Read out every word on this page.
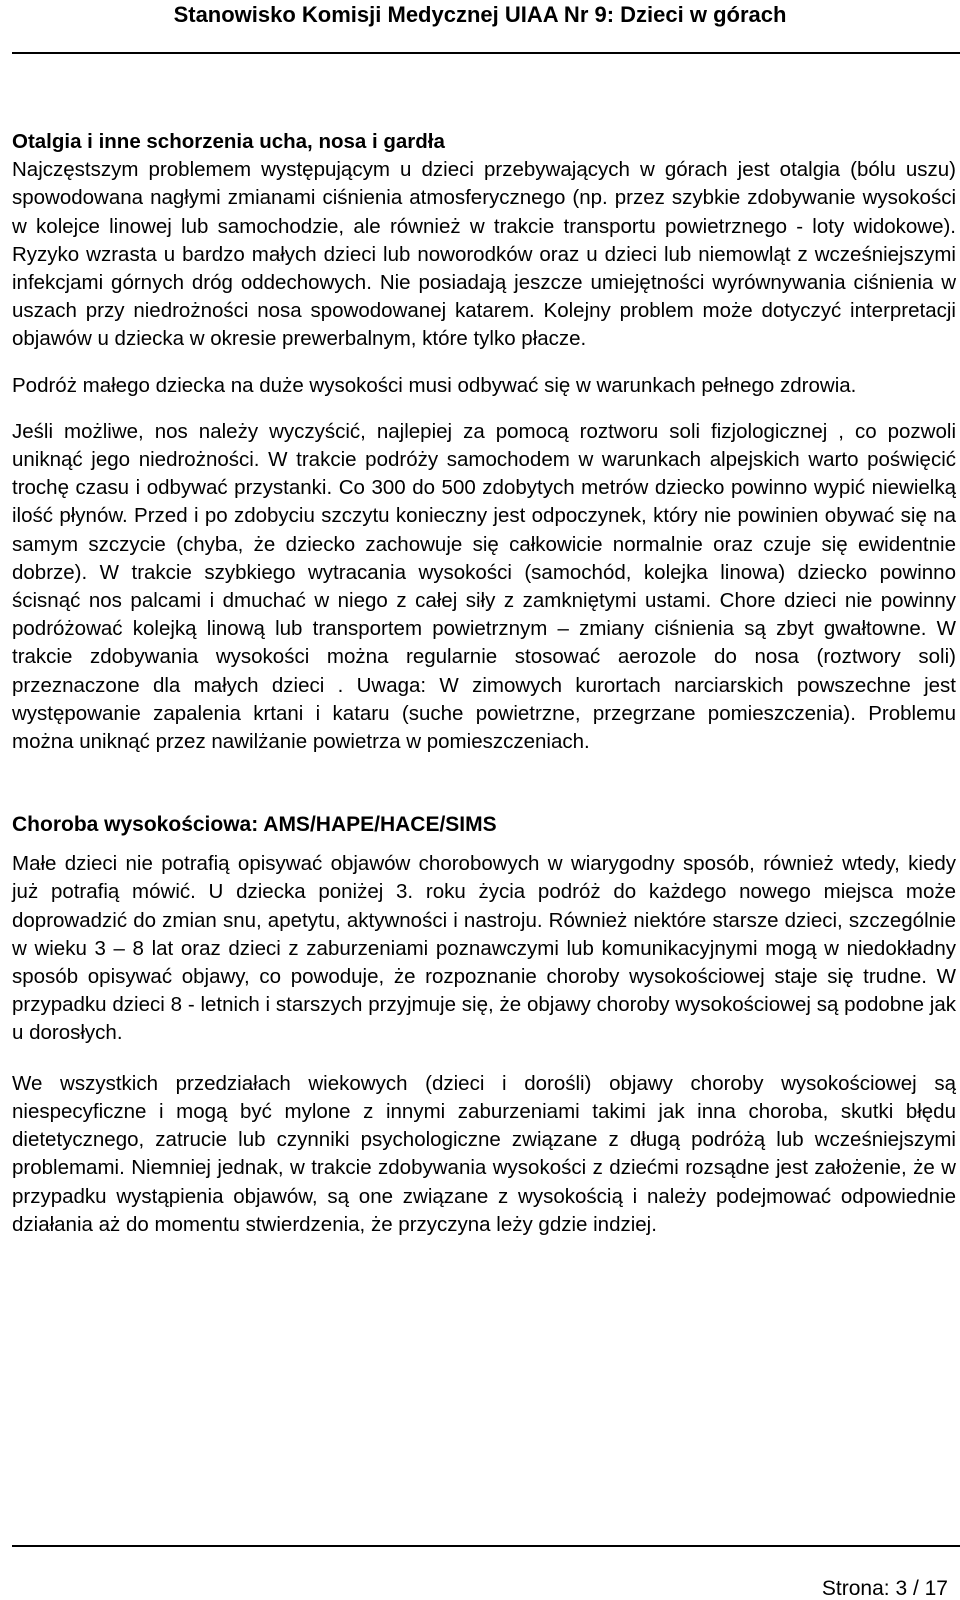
Stanowisko Komisji Medycznej UIAA Nr 9: Dzieci w górach
Otalgia i inne schorzenia ucha, nosa i gardła

Najczęstszym problemem występującym u dzieci przebywających w górach jest otalgia (bólu uszu) spowodowana nagłymi zmianami ciśnienia atmosferycznego (np. przez szybkie zdobywanie wysokości w kolejce linowej lub samochodzie, ale również w trakcie transportu powietrznego - loty widokowe). Ryzyko wzrasta u bardzo małych dzieci lub noworodków oraz u dzieci lub niemowląt z wcześniejszymi infekcjami górnych dróg oddechowych. Nie posiadają jeszcze umiejętności wyrównywania ciśnienia w uszach przy niedrożności nosa spowodowanej katarem. Kolejny problem może dotyczyć interpretacji objawów u dziecka w okresie prewerbalnym, które tylko płacze.

Podróż małego dziecka na duże wysokości musi odbywać się w warunkach pełnego zdrowia.

Jeśli możliwe, nos należy wyczyścić, najlepiej za pomocą roztworu soli fizjologicznej , co pozwoli uniknąć jego niedrożności. W trakcie podróży samochodem w warunkach alpejskich warto poświęcić trochę czasu i odbywać przystanki. Co 300 do 500 zdobytych metrów dziecko powinno wypić niewielką ilość płynów. Przed i po zdobyciu szczytu konieczny jest odpoczynek, który nie powinien obywać się na samym szczycie (chyba, że dziecko zachowuje się całkowicie normalnie oraz czuje się ewidentnie dobrze). W trakcie szybkiego wytracania wysokości (samochód, kolejka linowa) dziecko powinno ścisnąć nos palcami i dmuchać w niego z całej siły z zamkniętymi ustami. Chore dzieci nie powinny podróżować kolejką linową lub transportem powietrznym – zmiany ciśnienia są zbyt gwałtowne. W trakcie zdobywania wysokości można regularnie stosować aerozole do nosa (roztwory soli) przeznaczone dla małych dzieci . Uwaga: W zimowych kurortach narciarskich powszechne jest występowanie zapalenia krtani i kataru (suche powietrzne, przegrzane pomieszczenia). Problemu można uniknąć przez nawilżanie powietrza w pomieszczeniach.

Choroba wysokościowa: AMS/HAPE/HACE/SIMS

Małe dzieci nie potrafią opisywać objawów chorobowych w wiarygodny sposób, również wtedy, kiedy już potrafią mówić. U dziecka poniżej 3. roku życia podróż do każdego nowego miejsca może doprowadzić do zmian snu, apetytu, aktywności i nastroju. Również niektóre starsze dzieci, szczególnie w wieku 3 – 8 lat oraz dzieci z zaburzeniami poznawczymi lub komunikacyjnymi mogą w niedokładny sposób opisywać objawy, co powoduje, że rozpoznanie choroby wysokościowej staje się trudne. W przypadku dzieci 8 - letnich i starszych przyjmuje się, że objawy choroby wysokościowej są podobne jak u dorosłych.

We wszystkich przedziałach wiekowych (dzieci i dorośli) objawy choroby wysokościowej są niespecyficzne i mogą być mylone z innymi zaburzeniami takimi jak inna choroba, skutki błędu dietetycznego, zatrucie lub czynniki psychologiczne związane z długą podróżą lub wcześniejszymi problemami. Niemniej jednak, w trakcie zdobywania wysokości z dziećmi rozsądne jest założenie, że w przypadku wystąpienia objawów, są one związane z wysokością i należy podejmować odpowiednie działania aż do momentu stwierdzenia, że przyczyna leży gdzie indziej.

Strona: 3 / 17
